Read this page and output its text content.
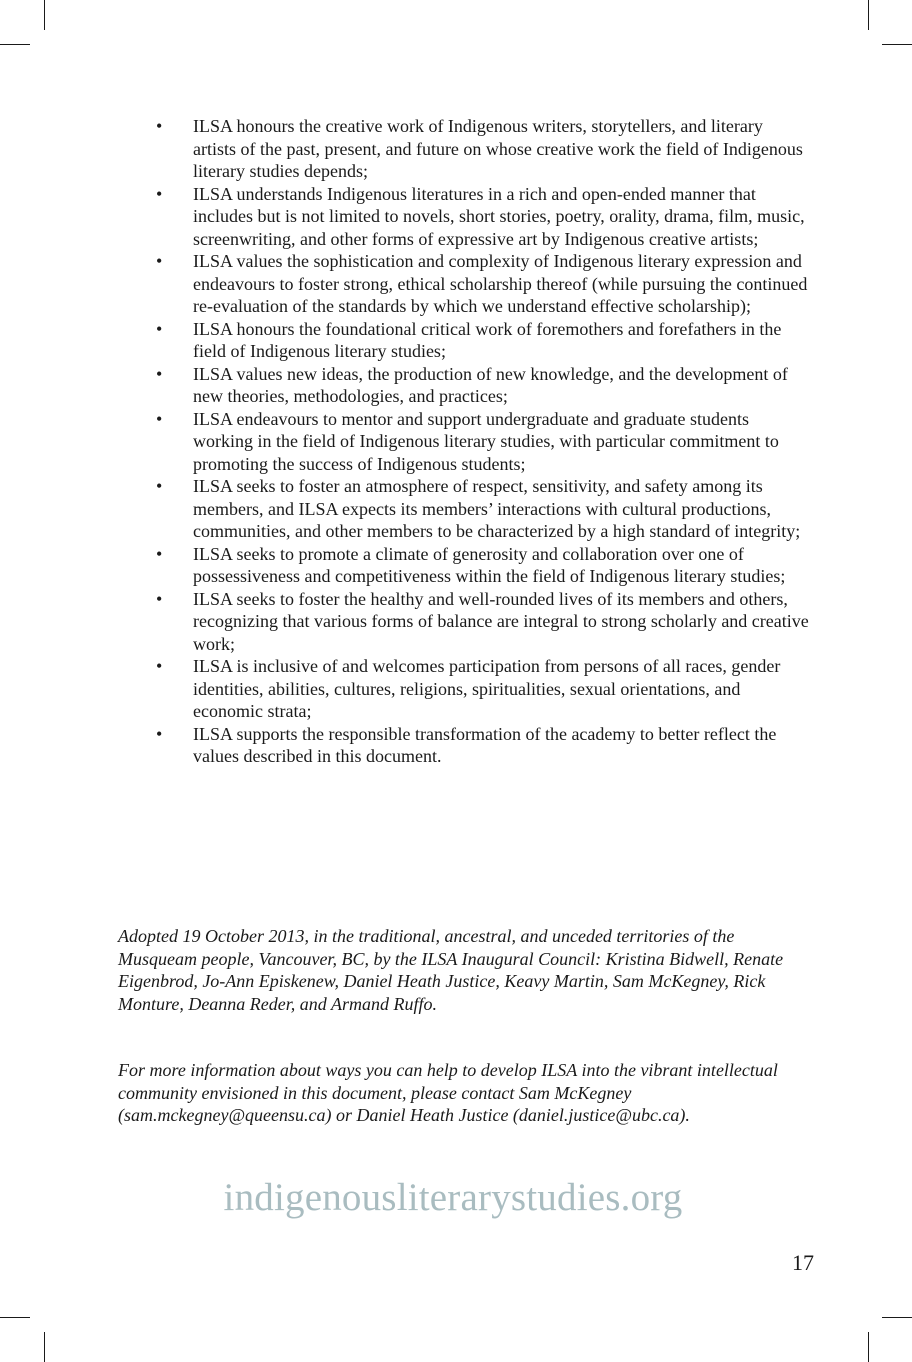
• ILSA honours the creative work of Indigenous writers, storytellers, and literary artists of the past, present, and future on whose creative work the field of Indigenous literary studies depends;
• ILSA understands Indigenous literatures in a rich and open-ended manner that includes but is not limited to novels, short stories, poetry, orality, drama, film, music, screenwriting, and other forms of expressive art by Indigenous creative artists;
• ILSA values the sophistication and complexity of Indigenous literary expression and endeavours to foster strong, ethical scholarship thereof (while pursuing the continued re-evaluation of the standards by which we understand effective scholarship);
• ILSA honours the foundational critical work of foremothers and forefathers in the field of Indigenous literary studies;
• ILSA values new ideas, the production of new knowledge, and the development of new theories, methodologies, and practices;
• ILSA endeavours to mentor and support undergraduate and graduate students working in the field of Indigenous literary studies, with particular commitment to promoting the success of Indigenous students;
• ILSA seeks to foster an atmosphere of respect, sensitivity, and safety among its members, and ILSA expects its members’ interactions with cultural productions, communities, and other members to be characterized by a high standard of integrity;
• ILSA seeks to promote a climate of generosity and collaboration over one of possessiveness and competitiveness within the field of Indigenous literary studies;
• ILSA seeks to foster the healthy and well-rounded lives of its members and others, recognizing that various forms of balance are integral to strong scholarly and creative work;
• ILSA is inclusive of and welcomes participation from persons of all races, gender identities, abilities, cultures, religions, spiritualities, sexual orientations, and economic strata;
• ILSA supports the responsible transformation of the academy to better reflect the values described in this document.

Adopted 19 October 2013, in the traditional, ancestral, and unceded territories of the Musqueam people, Vancouver, BC, by the ILSA Inaugural Council: Kristina Bidwell, Renate Eigenbrod, Jo-Ann Episkenew, Daniel Heath Justice, Keavy Martin, Sam McKegney, Rick Monture, Deanna Reder, and Armand Ruffo.

For more information about ways you can help to develop ILSA into the vibrant intellectual community envisioned in this document, please contact Sam McKegney (sam.mckegney@queensu.ca) or Daniel Heath Justice (daniel.justice@ubc.ca).

indigenousliterarystudies.org
17
